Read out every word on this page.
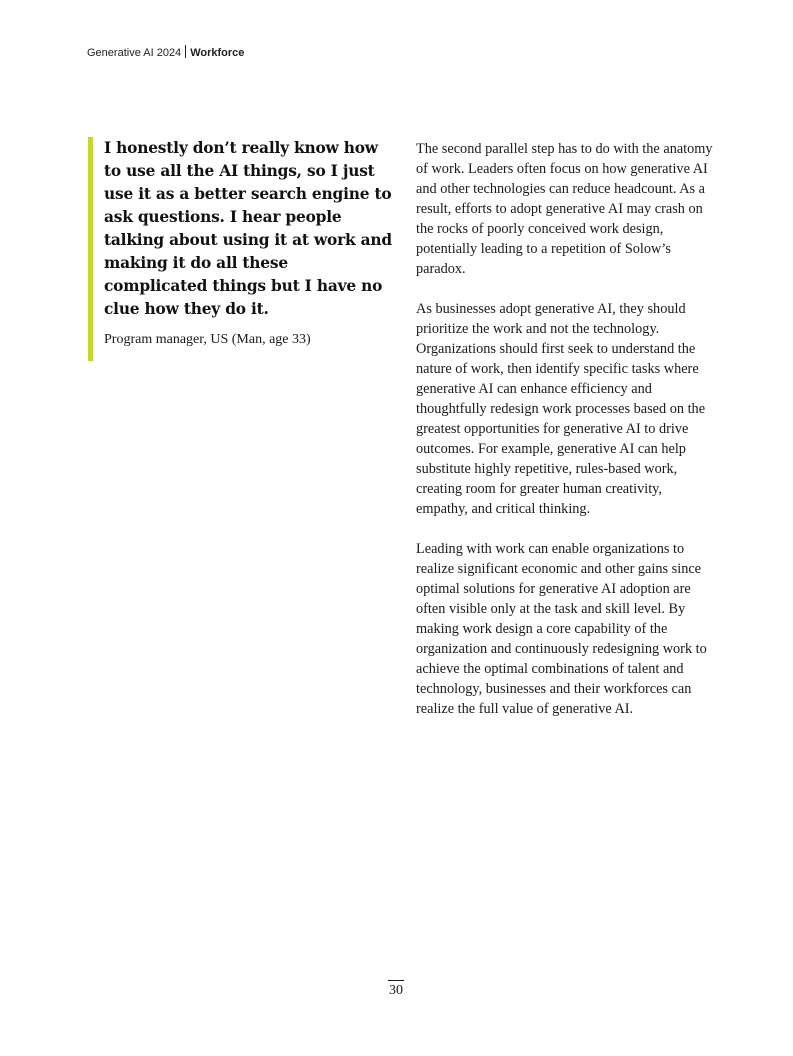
Generative AI 2024 Workforce

I honestly don’t really know how to use all the AI things, so I just use it as a better search engine to ask questions. I hear people talking about using it at work and making it do all these complicated things but I have no clue how they do it.

Program manager, US (Man, age 33)

The second parallel step has to do with the anatomy of work. Leaders often focus on how generative AI and other technologies can reduce headcount. As a result, efforts to adopt generative AI may crash on the rocks of poorly conceived work design, potentially leading to a repetition of Solow’s paradox.

As businesses adopt generative AI, they should prioritize the work and not the technology. Organizations should first seek to understand the nature of work, then identify specific tasks where generative AI can enhance efficiency and thoughtfully redesign work processes based on the greatest opportunities for generative AI to drive outcomes. For example, generative AI can help substitute highly repetitive, rules-based work, creating room for greater human creativity, empathy, and critical thinking.

Leading with work can enable organizations to realize significant economic and other gains since optimal solutions for generative AI adoption are often visible only at the task and skill level. By making work design a core capability of the organization and continuously redesigning work to achieve the optimal combinations of talent and technology, businesses and their workforces can realize the full value of generative AI.

30
